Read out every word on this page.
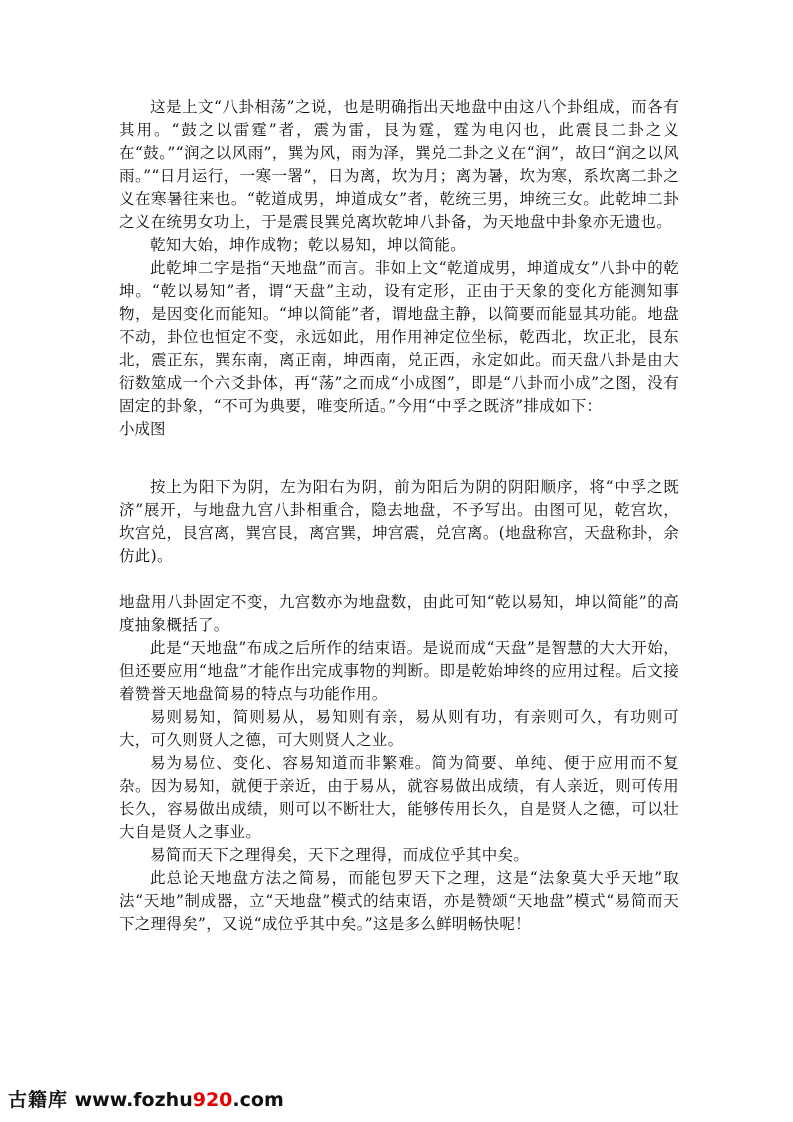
这是上文“八卦相荡”之说，也是明确指出天地盘中由这八个卦组成，而各有其用。“鼓之以雷霆”者，震为雷，艮为霆，霆为电闪也，此震艮二卦之义在“鼓。”“润之以风雨”，巽为风，雨为泽，巽兑二卦之义在“润”，故曰“润之以风雨。”“日月运行，一寒一署”，日为离，坎为月；离为暑，坎为寒，系坎离二卦之义在寒暑往来也。“乾道成男，坤道成女”者，乾统三男，坤统三女。此乾坤二卦之义在统男女功上，于是震艮巽兑离坎乾坤八卦备，为天地盘中卦象亦无遗也。

乾知大始，坤作成物；乾以易知，坤以简能。

此乾坤二字是指“天地盘”而言。非如上文“乾道成男，坤道成女”八卦中的乾坤。“乾以易知”者，谓“天盘”主动，设有定形，正由于天象的变化方能测知事物，是因变化而能知。“坤以简能”者，谓地盘主静，以简要而能显其功能。地盘不动，卦位也恒定不变，永远如此，用作用神定位坐标，乾西北，坎正北，艮东北，震正东，巽东南，离正南，坤西南，兑正西，永定如此。而天盘八卦是由大衍数筮成一个六爻卦体，再“荡”之而成“小成图”，即是“八卦而小成”之图，没有固定的卦象，“不可为典要，唯变所适。”今用“中孚之既济”排成如下：

小成图

按上为阳下为阴，左为阳右为阴，前为阳后为阴的阴阳顺序，将“中孚之既济”展开，与地盘九宫八卦相重合，隐去地盘，不予写出。由图可见，乾宫坎，坎宫兑，艮宫离，巽宫艮，离宫巽，坤宫震，兑宫离。(地盘称宫，天盘称卦，余仿此)。

地盘用八卦固定不变，九宫数亦为地盘数，由此可知“乾以易知，坤以简能”的高度抽象概括了。

此是“天地盘”布成之后所作的结束语。是说而成“天盘”是智慧的大大开始，但还要应用“地盘”才能作出完成事物的判断。即是乾始坤终的应用过程。后文接着赞誉天地盘简易的特点与功能作用。

易则易知，简则易从，易知则有亲，易从则有功，有亲则可久，有功则可大，可久则贤人之德，可大则贤人之业。

易为易位、变化、容易知道而非繁难。简为简要、单纯、便于应用而不复杂。因为易知，就便于亲近，由于易从，就容易做出成绩，有人亲近，则可传用长久，容易做出成绩，则可以不断壮大，能够传用长久，自是贤人之德，可以壮大自是贤人之事业。

易简而天下之理得矣，天下之理得，而成位乎其中矣。

此总论天地盘方法之简易，而能包罗天下之理，这是“法象莫大乎天地”取法“天地”制成器，立“天地盘”模式的结束语，亦是赞颂“天地盘”模式“易简而天下之理得矣”，又说“成位乎其中矣。”这是多么鲜明畅快呢！

古籍库 www.fozhu920.com
